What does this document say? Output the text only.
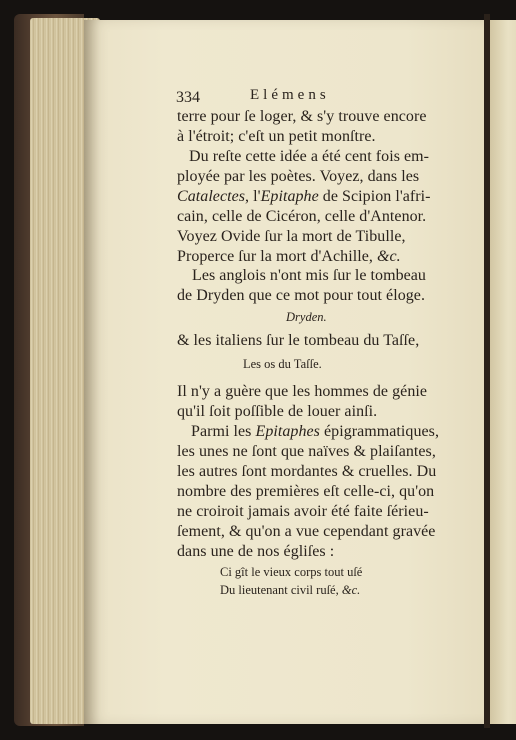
334	Elémens
terre pour ſe loger, & s'y trouve encore
à l'étroit; c'eſt un petit monſtre.
Du reſte cette idée a été cent fois em-
ployée par les poètes. Voyez, dans les
Catalectes, l'Epitaphe de Scipion l'afri-
cain, celle de Cicéron, celle d'Antenor.
Voyez Ovide ſur la mort de Tibulle,
Properce ſur la mort d'Achille, &c.
Les anglois n'ont mis ſur le tombeau
de Dryden que ce mot pour tout éloge.
Dryden.
& les italiens ſur le tombeau du Taſſe,
Les os du Taſſe.
Il n'y a guère que les hommes de génie
qu'il ſoit poſſible de louer ainſi.
Parmi les Epitaphes épigrammatiques,
les unes ne ſont que naïves & plaiſantes,
les autres ſont mordantes & cruelles. Du
nombre des premières eſt celle-ci, qu'on
ne croiroit jamais avoir été faite ſérieu-
ſement, & qu'on a vue cependant gravée
dans une de nos égliſes :
Ci gît le vieux corps tout uſé
Du lieutenant civil ruſé, &c.
